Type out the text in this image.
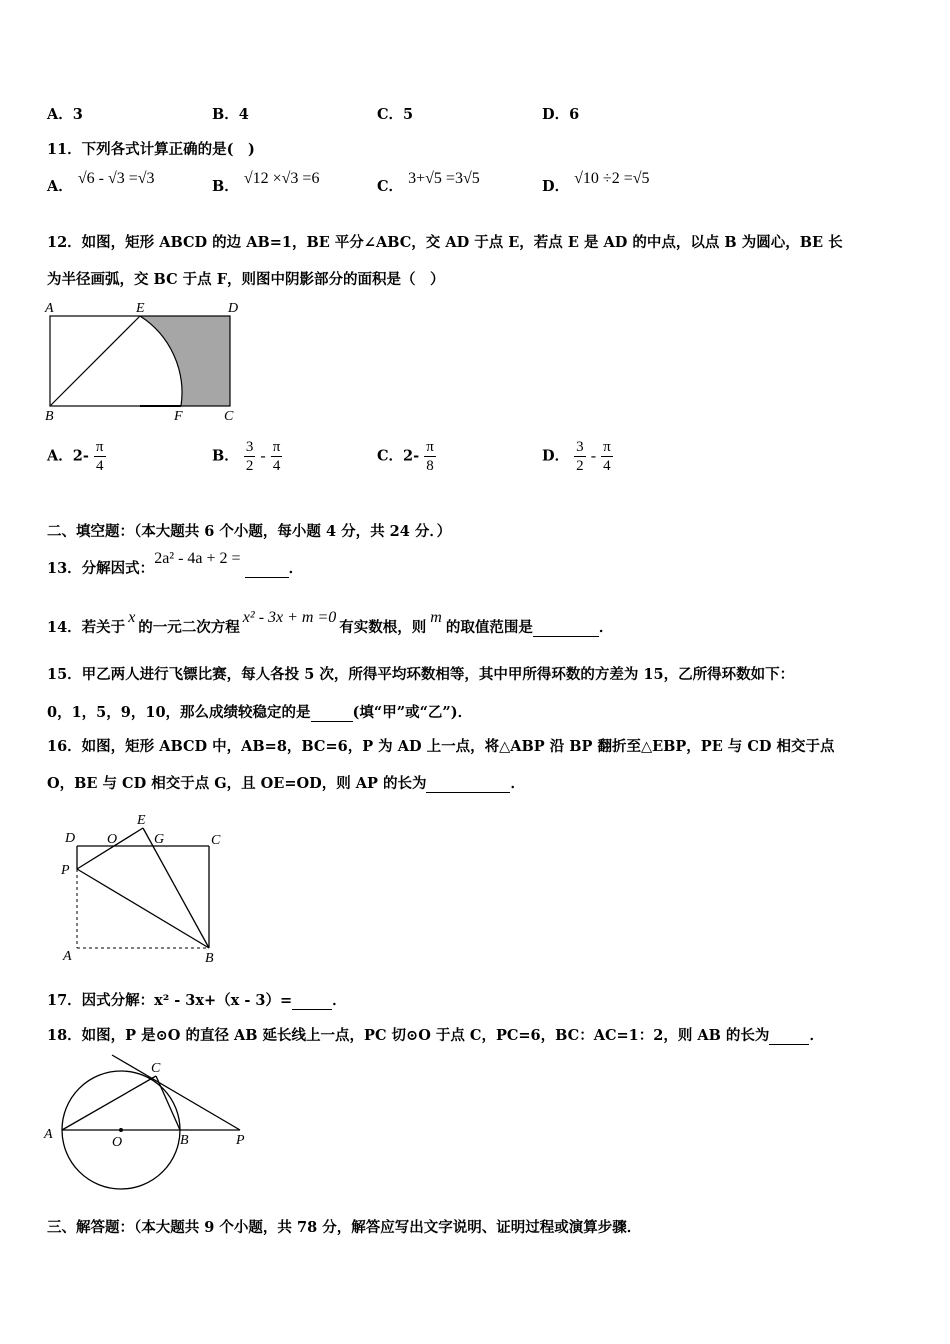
A．3	B．4	C．5	D．6
11．下列各式计算正确的是(　)
A． √6 - √3 =√3	B． √12 ×√3 =6	C． 3+√5 =3√5	D． √10 ÷2 =√5
12．如图，矩形 ABCD 的边 AB=1，BE 平分∠ABC，交 AD 于点 E，若点 E 是 AD 的中点，以点 B 为圆心，BE 长
为半径画弧，交 BC 于点 F，则图中阴影部分的面积是（　）
A	E	D
B	F	C
A．$2- \frac{\pi}{4}$	B． $\frac{3}{2} - \frac{\pi}{4}$	C．$2- \frac{\pi}{8}$	D． $\frac{3}{2} - \frac{\pi}{4}$
二、填空题：（本大题共 6 个小题，每小题 4 分，共 24 分．）
13．分解因式：2a² - 4a + 2 = ．
14．若关于x的一元二次方程x² - 3x + m =0有实数根，则m的取值范围是	．
15．甲乙两人进行飞镖比赛，每人各投 5 次，所得平均环数相等，其中甲所得环数的方差为 15，乙所得环数如下：
0，1，5，9，10，那么成绩较稳定的是	(填“甲”或“乙”)．
16．如图，矩形 ABCD 中，AB=8，BC=6，P 为 AD 上一点，将△ABP 沿 BP 翻折至△EBP，PE 与 CD 相交于点
O，BE 与 CD 相交于点 G，且 OE=OD，则 AP 的长为	．
D O
E
G	C
P
A	B
17．因式分解：x² - 3x+（x - 3）=	．
18．如图，P 是⊙O 的直径 AB 延长线上一点，PC 切⊙O 于点 C，PC=6，BC：AC=1：2，则 AB 的长为	．
C
A
O	B	P
三、解答题：（本大题共 9 个小题，共 78 分，解答应写出文字说明、证明过程或演算步骤．
